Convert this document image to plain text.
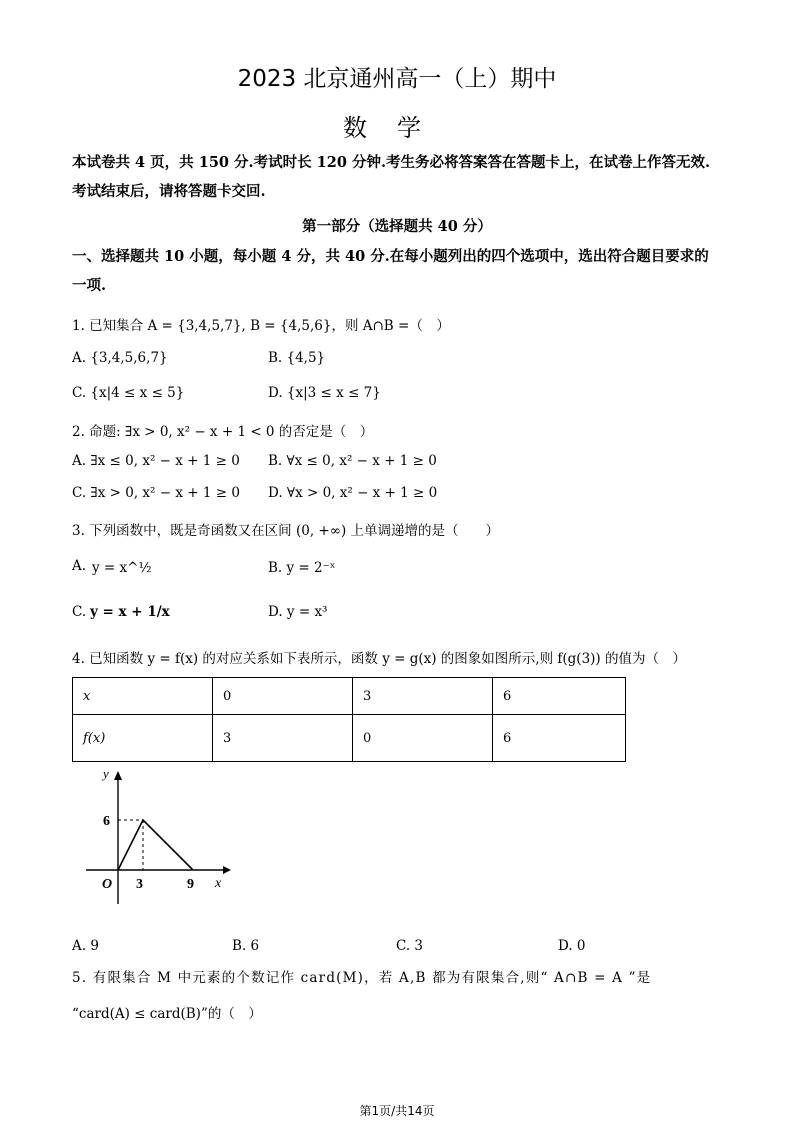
2023 北京通州高一（上）期中
数学
本试卷共 4 页，共 150 分.考试时长 120 分钟.考生务必将答案答在答题卡上，在试卷上作答无效.考试结束后，请将答题卡交回.
第一部分（选择题共 40 分）
一、选择题共 10 小题，每小题 4 分，共 40 分.在每小题列出的四个选项中，选出符合题目要求的一项.
1. 已知集合 A = {3,4,5,7}, B = {4,5,6}，则 A∩B =（　）
A. {3,4,5,6,7}	B. {4,5}
C. {x|4 ≤ x ≤ 5}	D. {x|3 ≤ x ≤ 7}
2. 命题: ∃x > 0, x² − x + 1 < 0 的否定是（　）
A. ∃x ≤ 0, x² − x + 1 ≥ 0 B. ∀x ≤ 0, x² − x + 1 ≥ 0
C. ∃x > 0, x² − x + 1 ≥ 0 D. ∀x > 0, x² − x + 1 ≥ 0
3. 下列函数中，既是奇函数又在区间 (0, +∞) 上单调递增的是（　　）
A. y = x^½	B. y = 2⁻ˣ
C. y = x + 1/x	D. y = x³
4. 已知函数 y = f(x) 的对应关系如下表所示，函数 y = g(x) 的图象如图所示,则 f(g(3)) 的值为（　）
x	0	3	6
f(x)	3	0	6
y
x
O 3	9
6
A. 9	B. 6	C. 3	D. 0
5. 有限集合 M 中元素的个数记作 card(M)，若 A,B 都为有限集合,则“ A∩B = A ”是
“card(A) ≤ card(B)”的（　）
第1页/共14页
